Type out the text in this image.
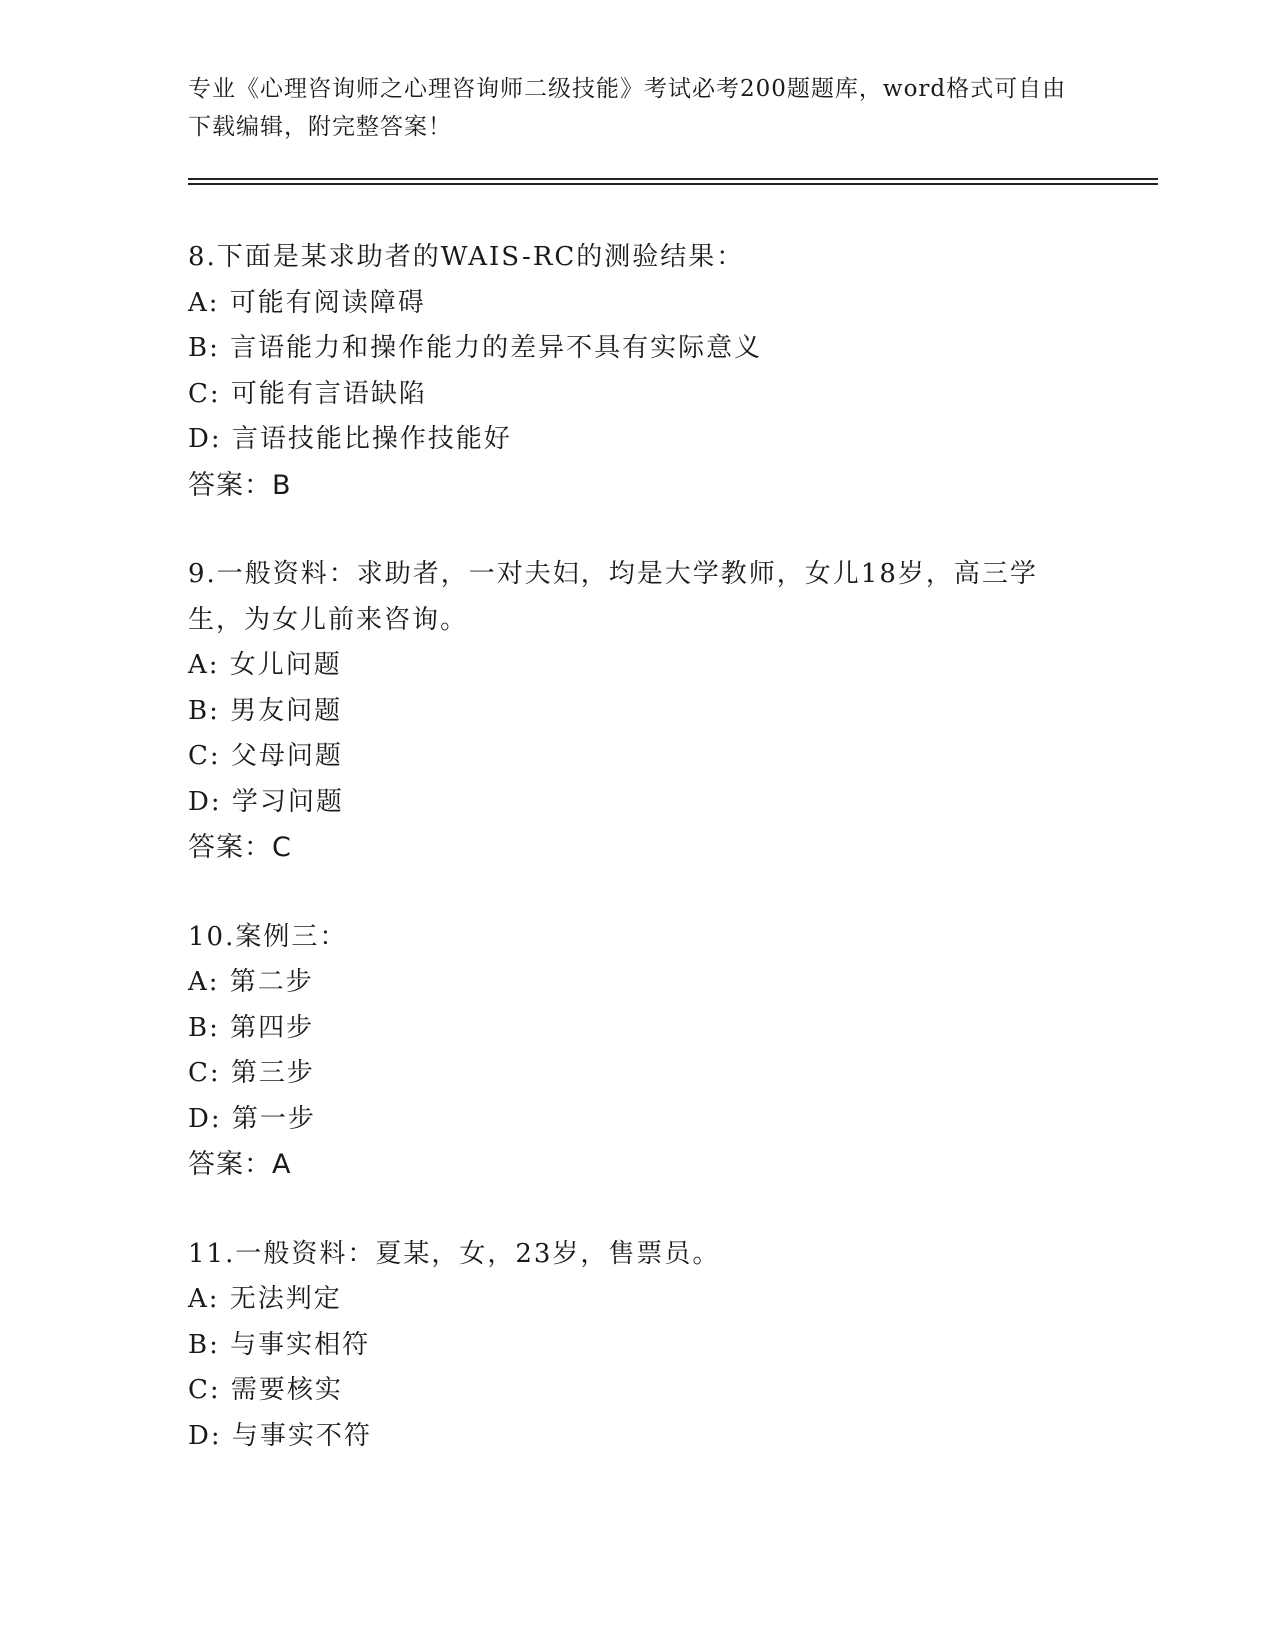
专业《心理咨询师之心理咨询师二级技能》考试必考200题题库，word格式可自由下载编辑，附完整答案！
8.下面是某求助者的WAIS-RC的测验结果：
A: 可能有阅读障碍
B: 言语能力和操作能力的差异不具有实际意义
C: 可能有言语缺陷
D: 言语技能比操作技能好
答案：B
9.一般资料：求助者，一对夫妇，均是大学教师，女儿18岁，高三学生，为女儿前来咨询。
A: 女儿问题
B: 男友问题
C: 父母问题
D: 学习问题
答案：C
10.案例三：
A: 第二步
B: 第四步
C: 第三步
D: 第一步
答案：A
11.一般资料：夏某，女，23岁，售票员。
A: 无法判定
B: 与事实相符
C: 需要核实
D: 与事实不符
